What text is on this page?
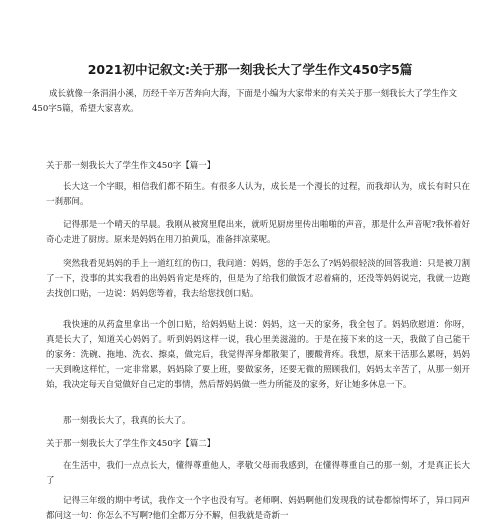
2021初中记叙文:关于那一刻我长大了学生作文450字5篇

成长就像一条涓涓小溪，历经千辛万苦奔向大海，下面是小编为大家带来的有关关于那一刻我长大了学生作文450字5篇，希望大家喜欢。

关于那一刻我长大了学生作文450字【篇一】

长大这一个字眼，相信我们都不陌生。有很多人认为，成长是一个漫长的过程，而我却认为，成长有时只在一刹那间。

记得那是一个晴天的早晨。我刚从被窝里爬出来，就听见厨房里传出啪啪的声音，那是什么声音呢?我怀着好奇心走进了厨房。原来是妈妈在用刀拍黄瓜，准备拌凉菜呢。

突然我看见妈妈的手上一道红红的伤口，我问道：妈妈，您的手怎么了?妈妈很轻淡的回答我道：只是被刀割了一下，没事的其实我看的出妈妈肯定是疼的，但是为了给我们做饭才忍着痛的，还没等妈妈说完，我就一边跑去找创口贴，一边说：妈妈您等着，我去给您找创口贴。

我快速的从药盒里拿出一个创口贴，给妈妈贴上说：妈妈，这一天的家务，我全包了。妈妈欣慰道：你呀，真是长大了，知道关心妈妈了。听到妈妈这样一说，我心里美滋滋的。于是在接下来的这一天，我做了自己能干的家务：洗碗、拖地、洗衣、擦桌，做完后，我觉得浑身都散架了，腰酸背疼。我想，原来干活那么累呀，妈妈一天到晚这样忙，一定非常累，妈妈除了要上班，要做家务，还要无微的照顾我们，妈妈太辛苦了，从那一刻开始，我决定每天自觉做好自己定的事情，然后帮妈妈做一些力所能及的家务，好让她多休息一下。

那一刻我长大了，我真的长大了。

关于那一刻我长大了学生作文450字【篇二】

在生活中，我们一点点长大，懂得尊重他人，孝敬父母而我感到，在懂得尊重自己的那一刻，才是真正长大了

记得三年级的期中考试，我作文一个字也没有写。老师啊、妈妈啊他们发现我的试卷都惊愕坏了，异口同声都问这一句：你怎么不写啊?他们全都万分不解，但我就是奇新一
